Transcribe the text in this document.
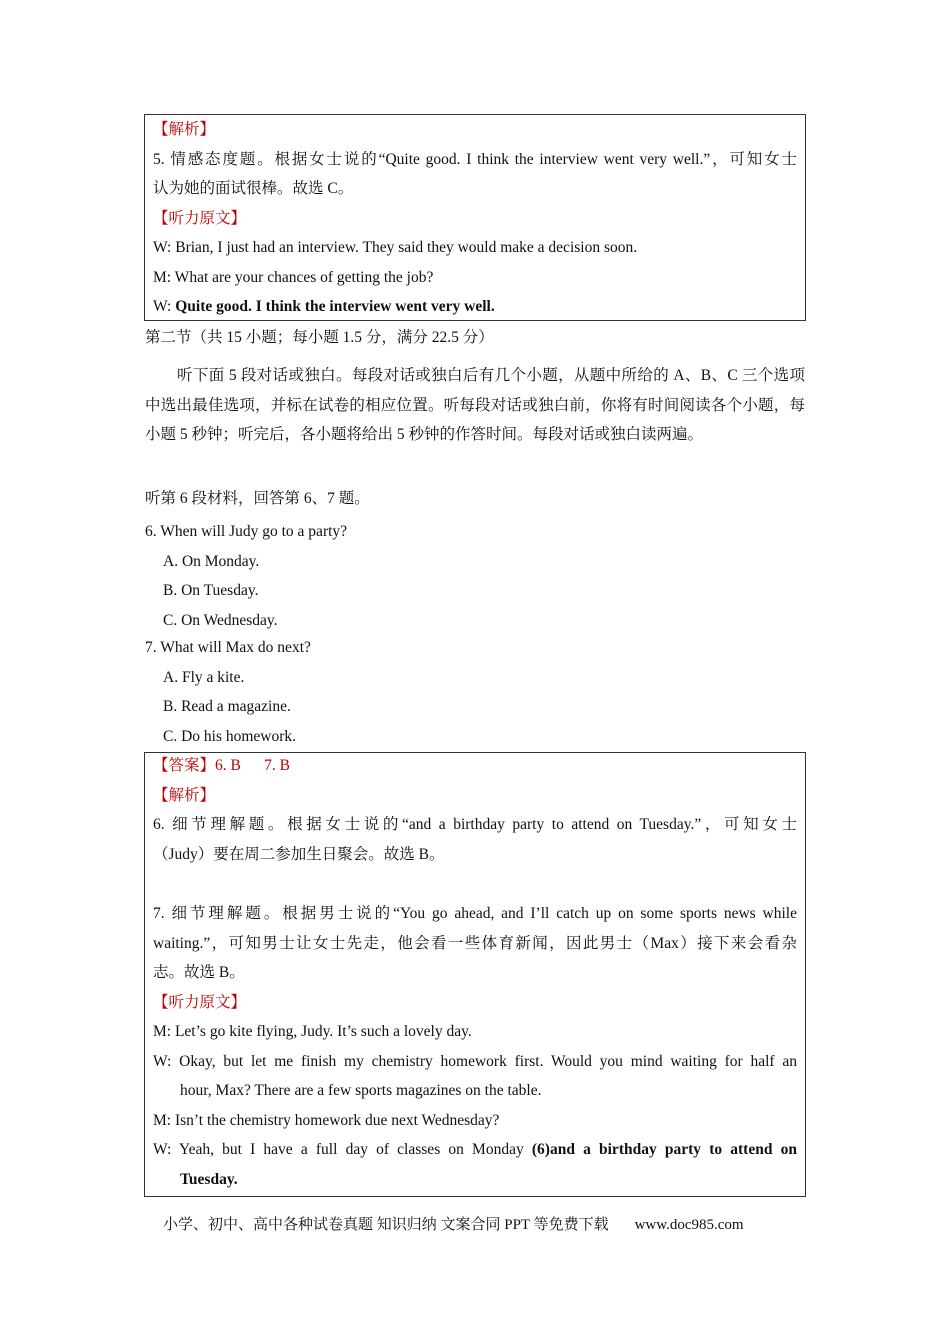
【解析】
5. 情感态度题。根据女士说的“Quite good. I think the interview went very well.”，可知女士
认为她的面试很棒。故选 C。
【听力原文】
W: Brian, I just had an interview. They said they would make a decision soon.
M: What are your chances of getting the job?
W: Quite good. I think the interview went very well.
第二节（共 15 小题；每小题 1.5 分，满分 22.5 分）
听下面 5 段对话或独白。每段对话或独白后有几个小题，从题中所给的 A、B、C 三个选项中选出最佳选项，并标在试卷的相应位置。听每段对话或独白前，你将有时间阅读各个小题，每小题 5 秒钟；听完后，各小题将给出 5 秒钟的作答时间。每段对话或独白读两遍。
听第 6 段材料，回答第 6、7 题。
6. When will Judy go to a party?
A. On Monday.
B. On Tuesday.
C. On Wednesday.
7. What will Max do next?
A. Fly a kite.
B. Read a magazine.
C. Do his homework.
【答案】6. B      7. B
【解析】
6. 细节理解题。根据女士说的“and a birthday party to attend on Tuesday.”，可知女士
（Judy）要在周二参加生日聚会。故选 B。
7. 细节理解题。根据男士说的“You go ahead, and I’ll catch up on some sports news while
waiting.”，可知男士让女士先走，他会看一些体育新闻，因此男士（Max）接下来会看杂
志。故选 B。
【听力原文】
M: Let’s go kite flying, Judy. It’s such a lovely day.
W: Okay, but let me finish my chemistry homework first. Would you mind waiting for half an
hour, Max? There are a few sports magazines on the table.
M: Isn’t the chemistry homework due next Wednesday?
W: Yeah, but I have a full day of classes on Monday (6)and a birthday party to attend on
Tuesday.
小学、初中、高中各种试卷真题 知识归纳 文案合同 PPT 等免费下载 www.doc985.com
